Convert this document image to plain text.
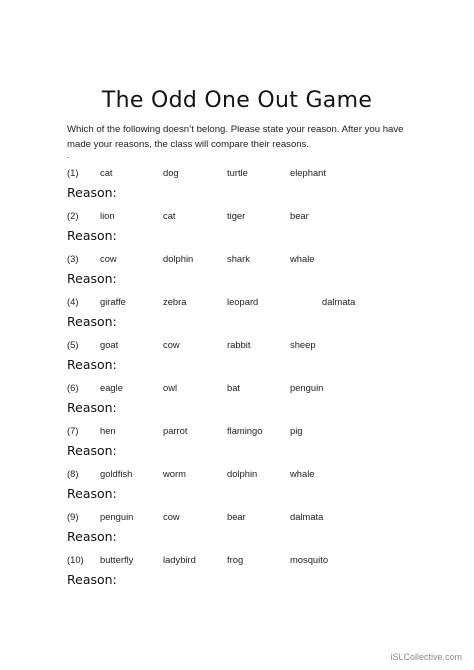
The Odd One Out Game
Which of the following doesn’t belong. Please state your reason. After you have made your reasons, the class will compare their reasons.
.
(1) cat	dog	turtle	elephant
Reason:
(2) lion	cat	tiger	bear
Reason:
(3) cow	dolphin	shark	whale
Reason:
(4) giraffe	zebra	leopard	dalmata
Reason:
(5) goat	cow	rabbit	sheep
Reason:
(6) eagle	owl	bat	penguin
Reason:
(7) hen	parrot	flamingo	pig
Reason:
(8) goldfish	worm	dolphin	whale
Reason:
(9) penguin	cow	bear	dalmata
Reason:
(10) butterfly	ladybird	frog	mosquito
Reason:
iSLCollective.com
